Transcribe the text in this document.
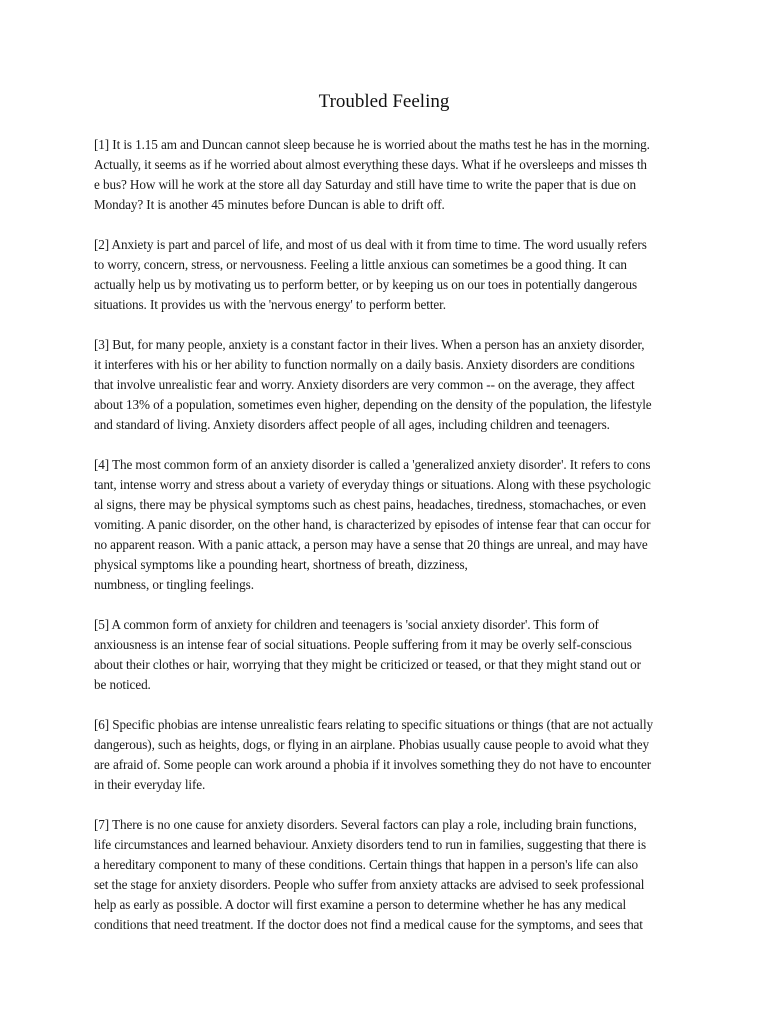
Troubled Feeling

[1] It is 1.15 am and Duncan cannot sleep because he is worried about the maths test he has in the morning.
Actually, it seems as if he worried about almost everything these days. What if he oversleeps and misses th
e bus? How will he work at the store all day Saturday and still have time to write the paper that is due on
Monday? It is another 45 minutes before Duncan is able to drift off.

[2] Anxiety is part and parcel of life, and most of us deal with it from time to time. The word usually refers
to worry, concern, stress, or nervousness. Feeling a little anxious can sometimes be a good thing. It can
actually help us by motivating us to perform better, or by keeping us on our toes in potentially dangerous
situations. It provides us with the 'nervous energy' to perform better.

[3] But, for many people, anxiety is a constant factor in their lives. When a person has an anxiety disorder,
it interferes with his or her ability to function normally on a daily basis. Anxiety disorders are conditions
that involve unrealistic fear and worry. Anxiety disorders are very common -- on the average, they affect
about 13% of a population, sometimes even higher, depending on the density of the population, the lifestyle
and standard of living. Anxiety disorders affect people of all ages, including children and teenagers.

[4] The most common form of an anxiety disorder is called a 'generalized anxiety disorder'. It refers to cons
tant, intense worry and stress about a variety of everyday things or situations. Along with these psychologic
al signs, there may be physical symptoms such as chest pains, headaches, tiredness, stomachaches, or even
vomiting. A panic disorder, on the other hand, is characterized by episodes of intense fear that can occur for
no apparent reason. With a panic attack, a person may have a sense that 20 things are unreal, and may have
physical symptoms like a pounding heart, shortness of breath, dizziness,
numbness, or tingling feelings.

[5] A common form of anxiety for children and teenagers is 'social anxiety disorder'. This form of
anxiousness is an intense fear of social situations. People suffering from it may be overly self-conscious
about their clothes or hair, worrying that they might be criticized or teased, or that they might stand out or
be noticed.

[6] Specific phobias are intense unrealistic fears relating to specific situations or things (that are not actually
dangerous), such as heights, dogs, or flying in an airplane. Phobias usually cause people to avoid what they
are afraid of. Some people can work around a phobia if it involves something they do not have to encounter
in their everyday life.

[7] There is no one cause for anxiety disorders. Several factors can play a role, including brain functions,
life circumstances and learned behaviour. Anxiety disorders tend to run in families, suggesting that there is
a hereditary component to many of these conditions. Certain things that happen in a person's life can also
set the stage for anxiety disorders. People who suffer from anxiety attacks are advised to seek professional
help as early as possible. A doctor will first examine a person to determine whether he has any medical
conditions that need treatment. If the doctor does not find a medical cause for the symptoms, and sees that
